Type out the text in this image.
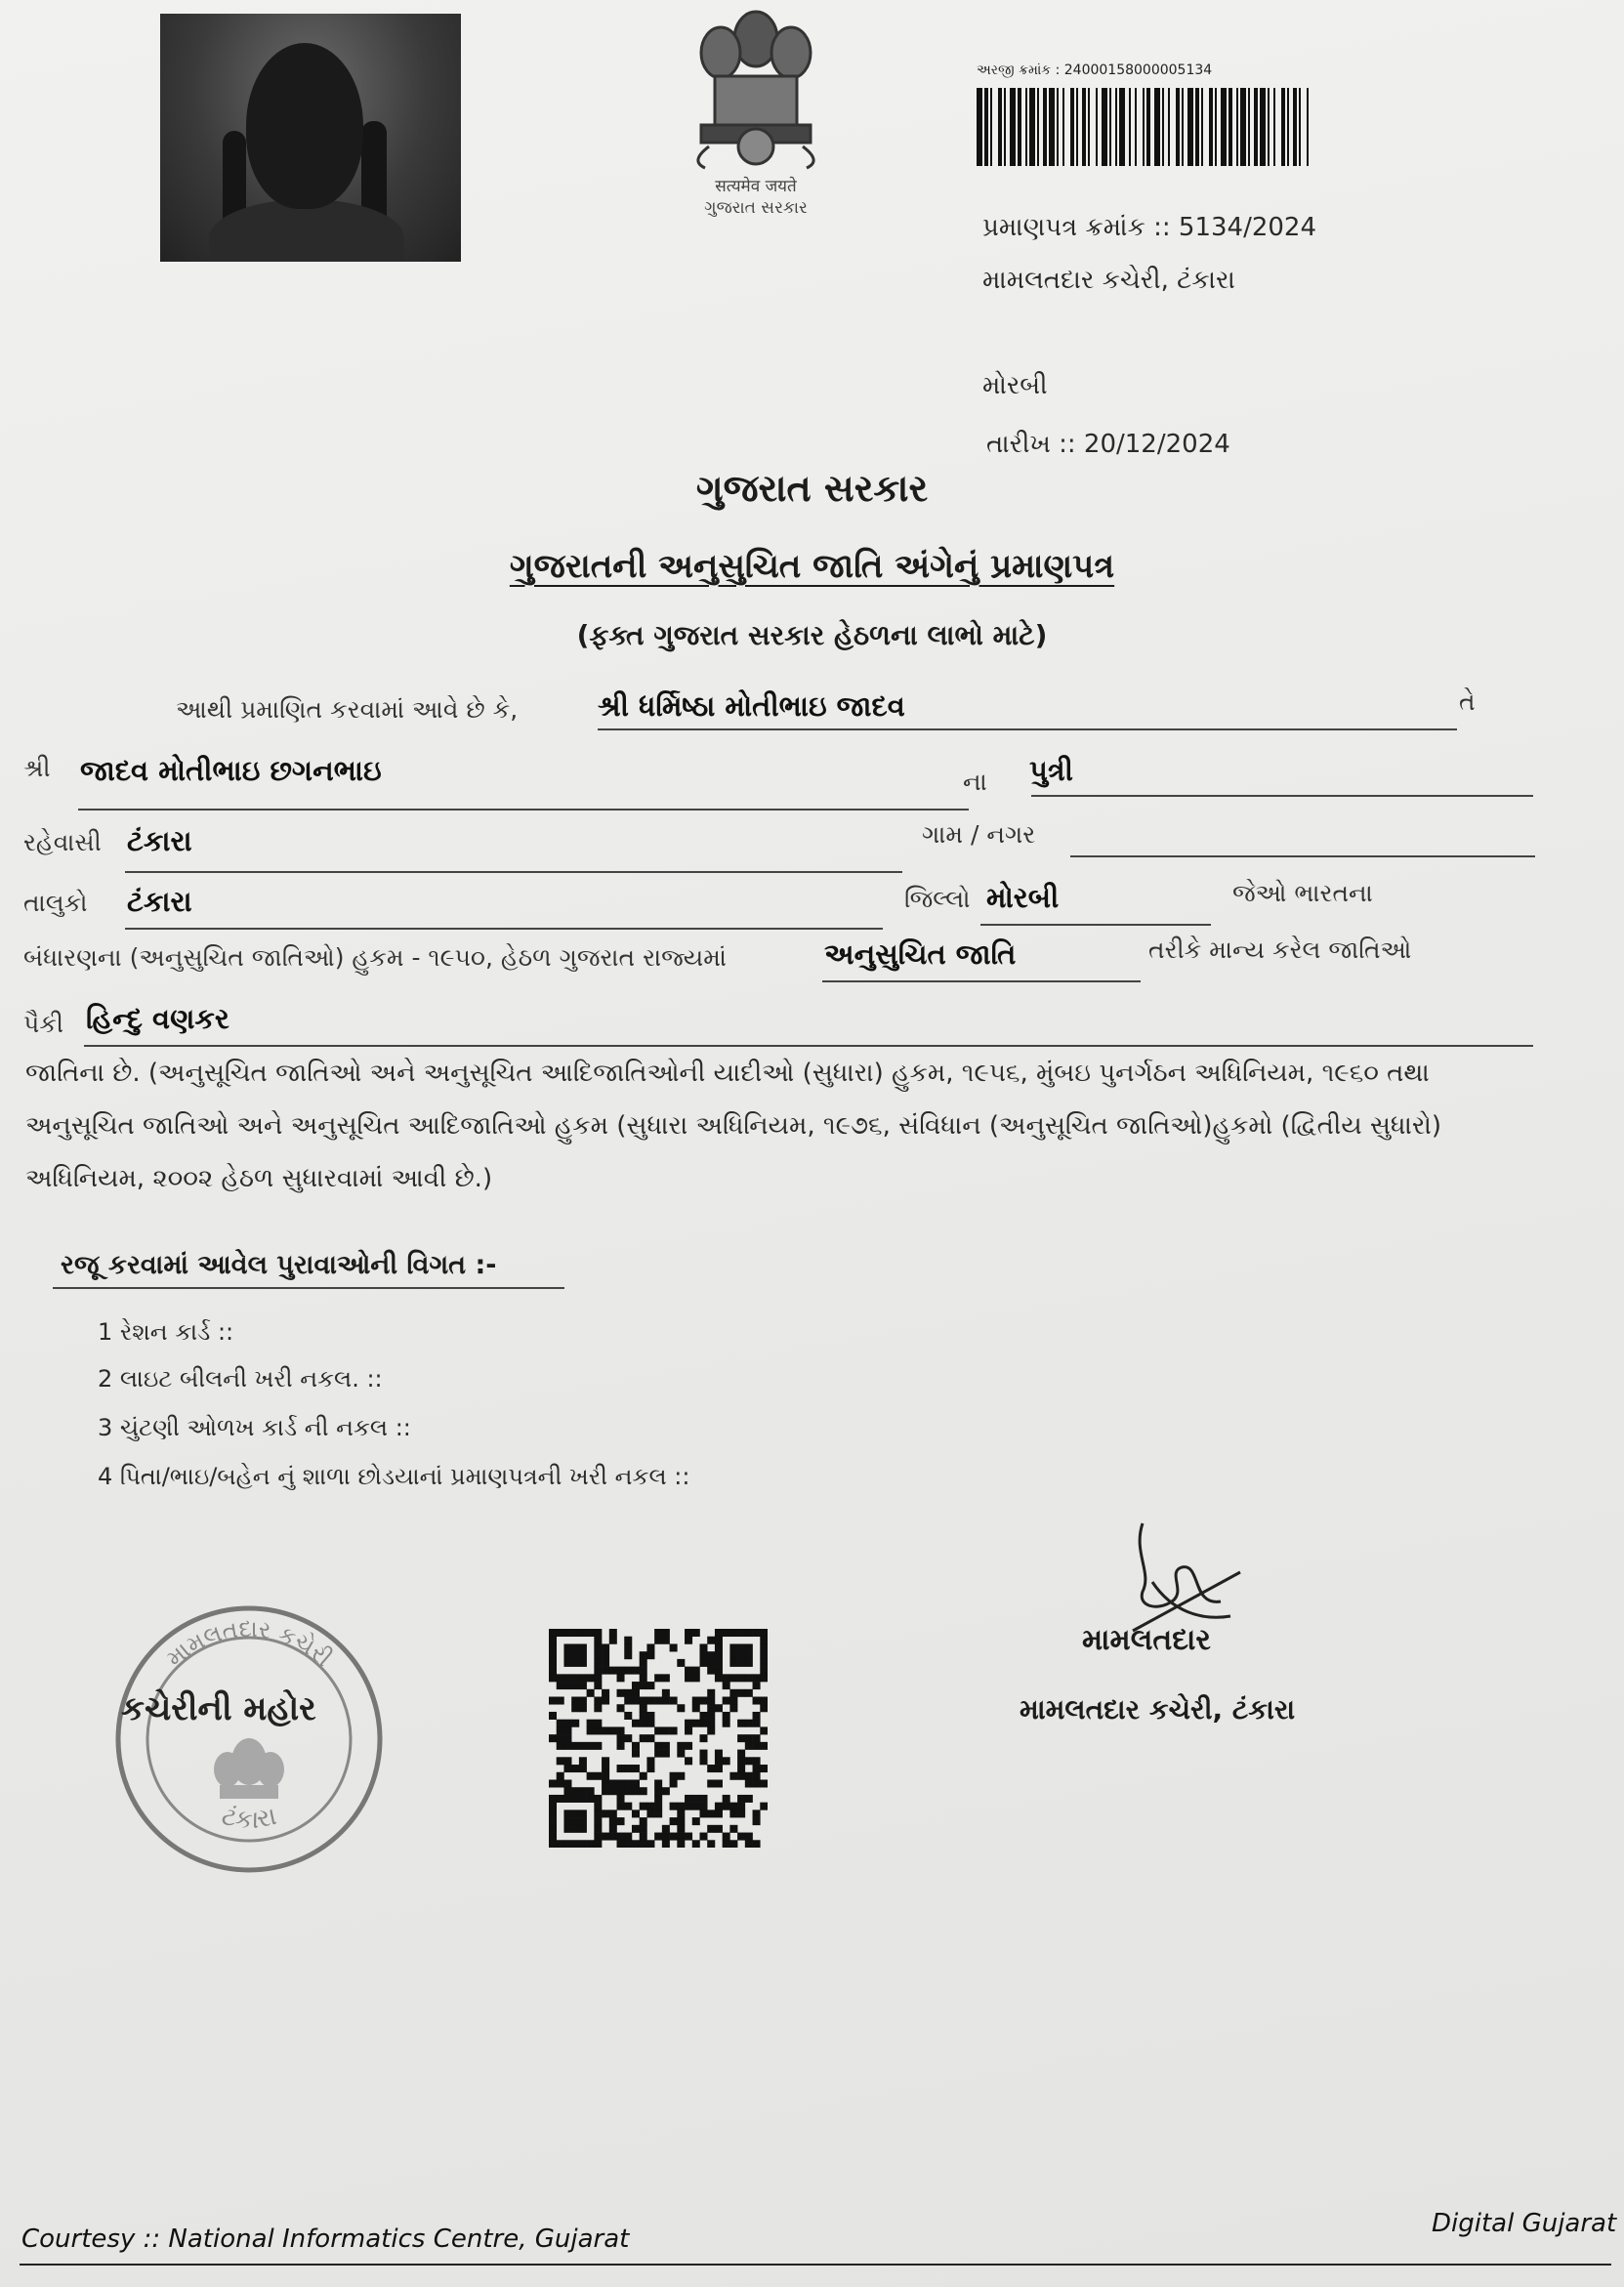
सत्यमेव जयते
ગુજરાત સરકાર
અરજી ક્રમાંક : 24000158000005134
પ્રમાણપત્ર ક્રમાંક :: 5134/2024
મામલતદાર કચેરી, ટંકારા
મોરબી
તારીખ :: 20/12/2024
ગુજરાત સરકાર
ગુજરાતની અનુસુચિત જાતિ અંગેનું પ્રમાણપત્ર
(ફક્ત ગુજરાત સરકાર હેઠળના લાભો માટે)
આથી પ્રમાણિત કરવામાં આવે છે કે,	શ્રી ધર્મિષ્ઠા મોતીભાઇ જાદવ	તે
શ્રી જાદવ મોતીભાઇ છગનભાઇ	ના પુત્રી
રહેવાસી ટંકારા	ગામ / નગર
તાલુકો ટંકારા	જિલ્લો મોરબી	જેઓ ભારતના
બંધારણના (અનુસુચિત જાતિઓ) હુકમ - ૧૯૫૦, હેઠળ ગુજરાત રાજ્યમાં	અનુસુચિત જાતિ	તરીકે માન્ય કરેલ જાતિઓ
પૈકી હિન્દુ વણકર
જાતિના છે. (અનુસૂચિત જાતિઓ અને અનુસૂચિત આદિજાતિઓની યાદીઓ (સુધારા) હુકમ, ૧૯૫૬, મુંબઇ પુનર્ગઠન અધિનિયમ, ૧૯૬૦ તથા અનુસૂચિત જાતિઓ અને અનુસૂચિત આદિજાતિઓ હુકમ (સુધારા અધિનિયમ, ૧૯૭૬, સંવિધાન (અનુસૂચિત જાતિઓ)હુકમો (દ્વિતીય સુધારો) અધિનિયમ, ૨૦૦૨ હેઠળ સુધારવામાં આવી છે.)
રજૂ કરવામાં આવેલ પુરાવાઓની વિગત :-
1 રેશન કાર્ડ ::
2 લાઇટ બીલની ખરી નકલ. ::
3 ચુંટણી ઓળખ કાર્ડ ની નકલ ::
4 પિતા/ભાઇ/બહેન નું શાળા છોડયાનાં પ્રમાણપત્રની ખરી નકલ ::
મામલતદાર કચેરી
ટંકારા
કચેરીની મહોર
મામલતદાર
મામલતદાર કચેરી, ટંકારા
Courtesy :: National Informatics Centre, Gujarat
Digital Gujarat
